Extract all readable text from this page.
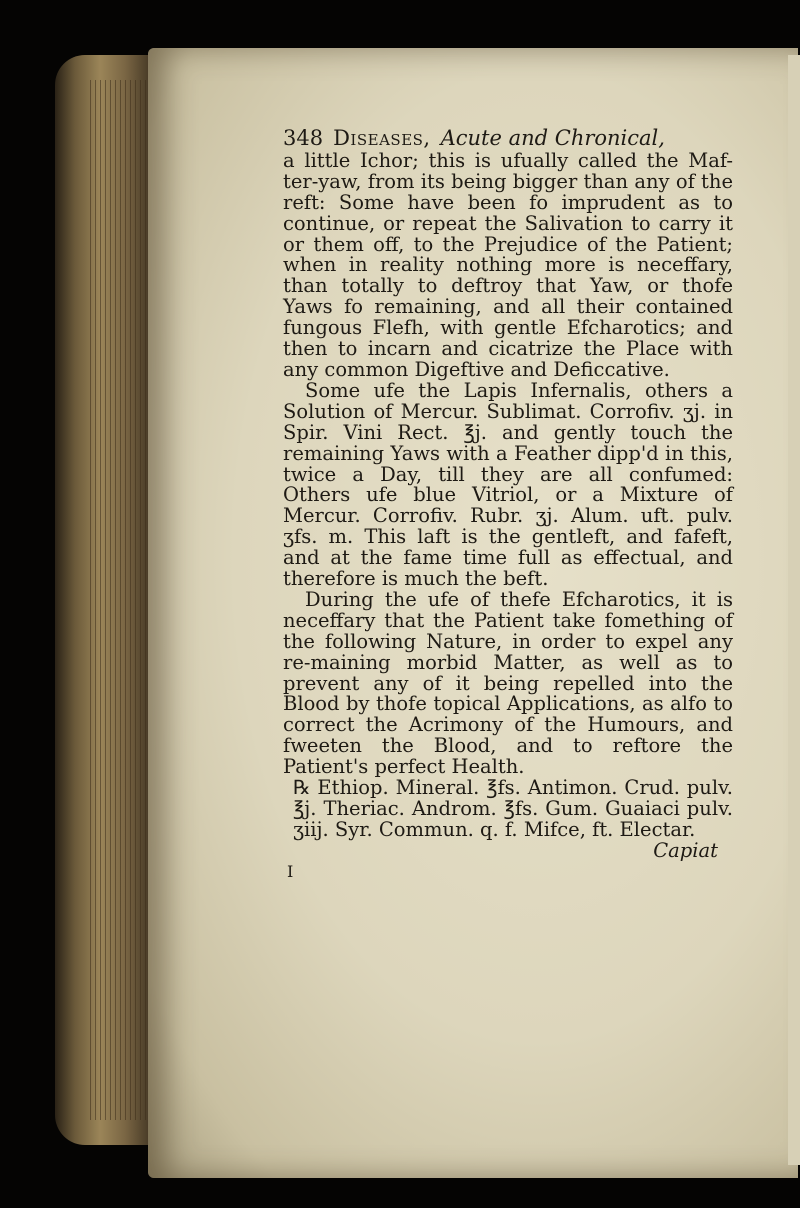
348 Diseases, Acute and Chronical,

a little Ichor; this is ufually called the Maf-ter-yaw, from its being bigger than any of the reft: Some have been fo imprudent as to continue, or repeat the Salivation to carry it or them off, to the Prejudice of the Patient; when in reality nothing more is neceffary, than totally to deftroy that Yaw, or thofe Yaws fo remaining, and all their contained fungous Flefh, with gentle Efcharotics; and then to incarn and cicatrize the Place with any common Digeftive and Deficcative.

Some ufe the Lapis Infernalis, others a Solution of Mercur. Sublimat. Corrofiv. ʒj. in Spir. Vini Rect. ℥j. and gently touch the remaining Yaws with a Feather dipp'd in this, twice a Day, till they are all confumed: Others ufe blue Vitriol, or a Mixture of Mercur. Corrofiv. Rubr. ʒj. Alum. uft. pulv. ʒfs. m. This laft is the gentleft, and fafeft, and at the fame time full as effectual, and therefore is much the beft.

During the ufe of thefe Efcharotics, it is neceffary that the Patient take fomething of the following Nature, in order to expel any re-maining morbid Matter, as well as to prevent any of it being repelled into the Blood by thofe topical Applications, as alfo to correct the Acrimony of the Humours, and fweeten the Blood, and to reftore the Patient's perfect Health.

℞ Ethiop. Mineral. ℥fs. Antimon. Crud. pulv. ℥j. Theriac. Androm. ℥fs. Gum. Guaiaci pulv. ʒiij. Syr. Commun. q. f. Mifce, ft. Electar.

Capiat

I
